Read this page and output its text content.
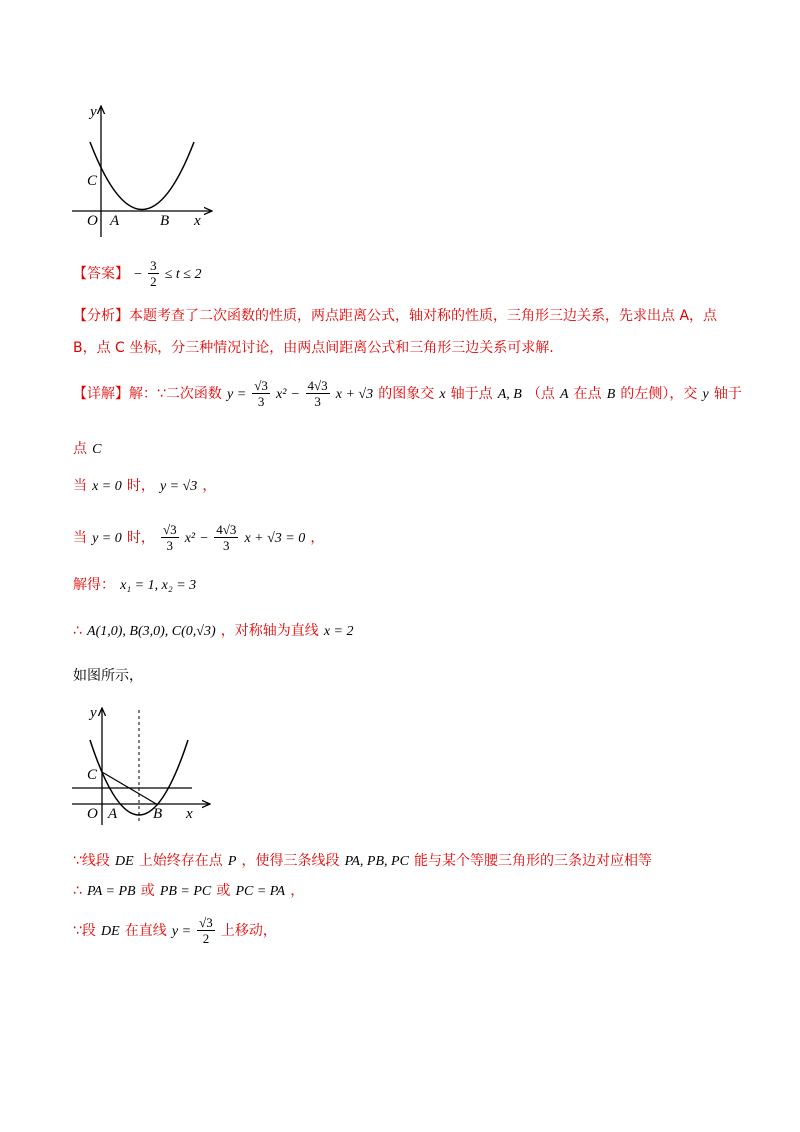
y
x
O A	B
C
【答案】 − $\frac{3}{2} \le t \le 2$
【分析】本题考查了二次函数的性质，两点距离公式，轴对称的性质，三角形三边关系，先求出点 A，点
B，点 C 坐标，分三种情况讨论，由两点间距离公式和三角形三边关系可求解.
【详解】解：∵二次函数 $y = \frac{√3}{3} x^2 - \frac{4√3}{3}$ x + √3 的图象交 x 轴于点 A, B （点 A 在点 B 的左侧），交 y 轴于
点 C
当 x = 0 时， y = √3 ，
当 y = 0 时， $\frac{√3}{3} x^2 - \frac{4√3}{3}$ x + √3 = 0 ，
解得： x₁ = 1, x₂ = 3
∴ A(1,0), B(3,0), C(0,√3) ，对称轴为直线 x = 2
如图所示，
y
x
O A B
C
∵线段 DE 上始终存在点 P ，使得三条线段 PA, PB, PC 能与某个等腰三角形的三条边对应相等
∴ PA = PB 或 PB = PC 或 PC = PA ，
∵段 DE 在直线 $y = \frac{√3}{2}$ 上移动，
